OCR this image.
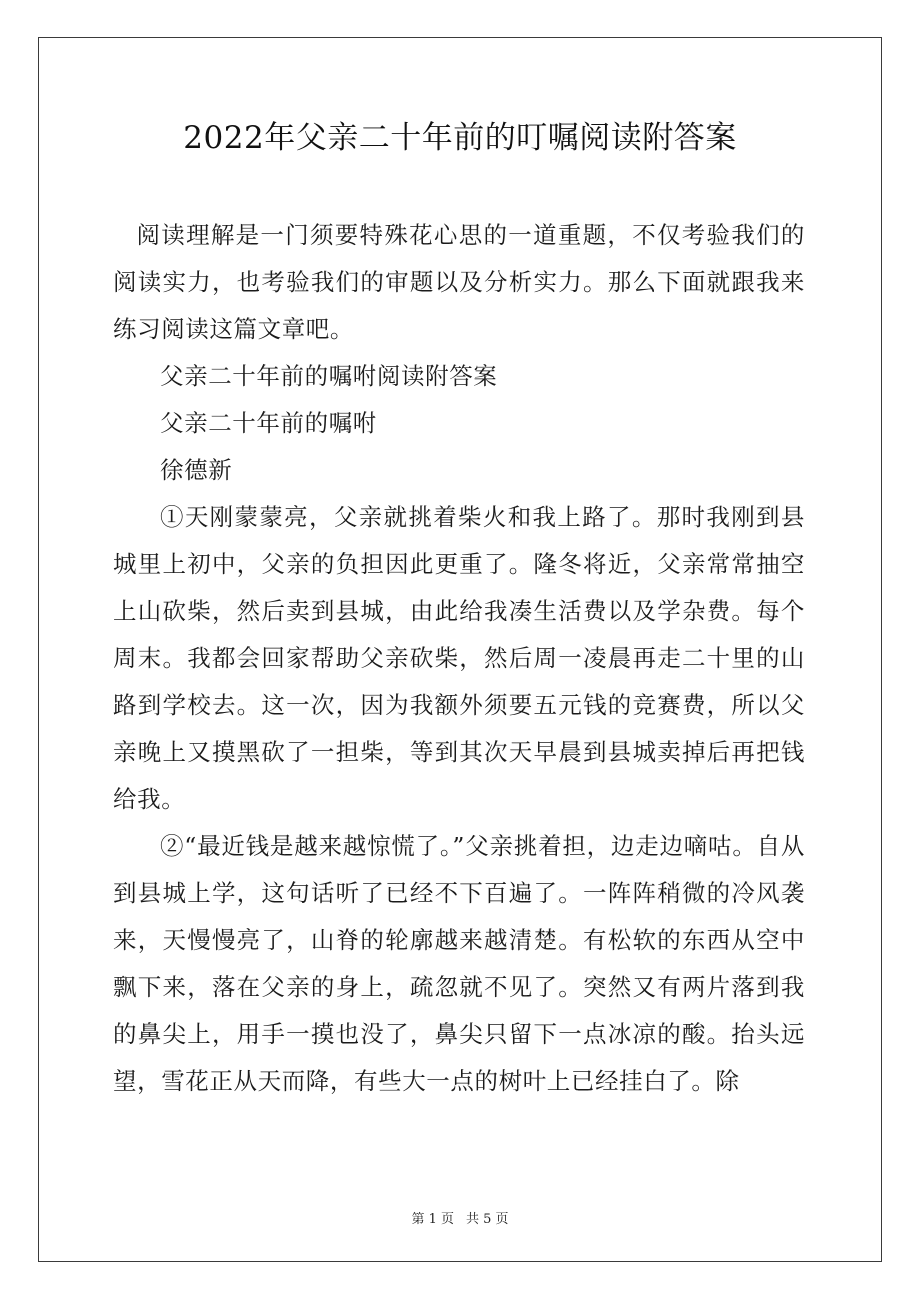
2022年父亲二十年前的叮嘱阅读附答案

阅读理解是一门须要特殊花心思的一道重题，不仅考验我们的阅读实力，也考验我们的审题以及分析实力。那么下面就跟我来练习阅读这篇文章吧。

父亲二十年前的嘱咐阅读附答案

父亲二十年前的嘱咐

徐德新

①天刚蒙蒙亮，父亲就挑着柴火和我上路了。那时我刚到县城里上初中，父亲的负担因此更重了。隆冬将近，父亲常常抽空上山砍柴，然后卖到县城，由此给我凑生活费以及学杂费。每个周末。我都会回家帮助父亲砍柴，然后周一凌晨再走二十里的山路到学校去。这一次，因为我额外须要五元钱的竞赛费，所以父亲晚上又摸黑砍了一担柴，等到其次天早晨到县城卖掉后再把钱给我。

②“最近钱是越来越惊慌了。”父亲挑着担，边走边嘀咕。自从到县城上学，这句话听了已经不下百遍了。一阵阵稍微的冷风袭来，天慢慢亮了，山脊的轮廓越来越清楚。有松软的东西从空中飘下来，落在父亲的身上，疏忽就不见了。突然又有两片落到我的鼻尖上，用手一摸也没了，鼻尖只留下一点冰凉的酸。抬头远望，雪花正从天而降，有些大一点的树叶上已经挂白了。除

第 1 页 共 5 页
